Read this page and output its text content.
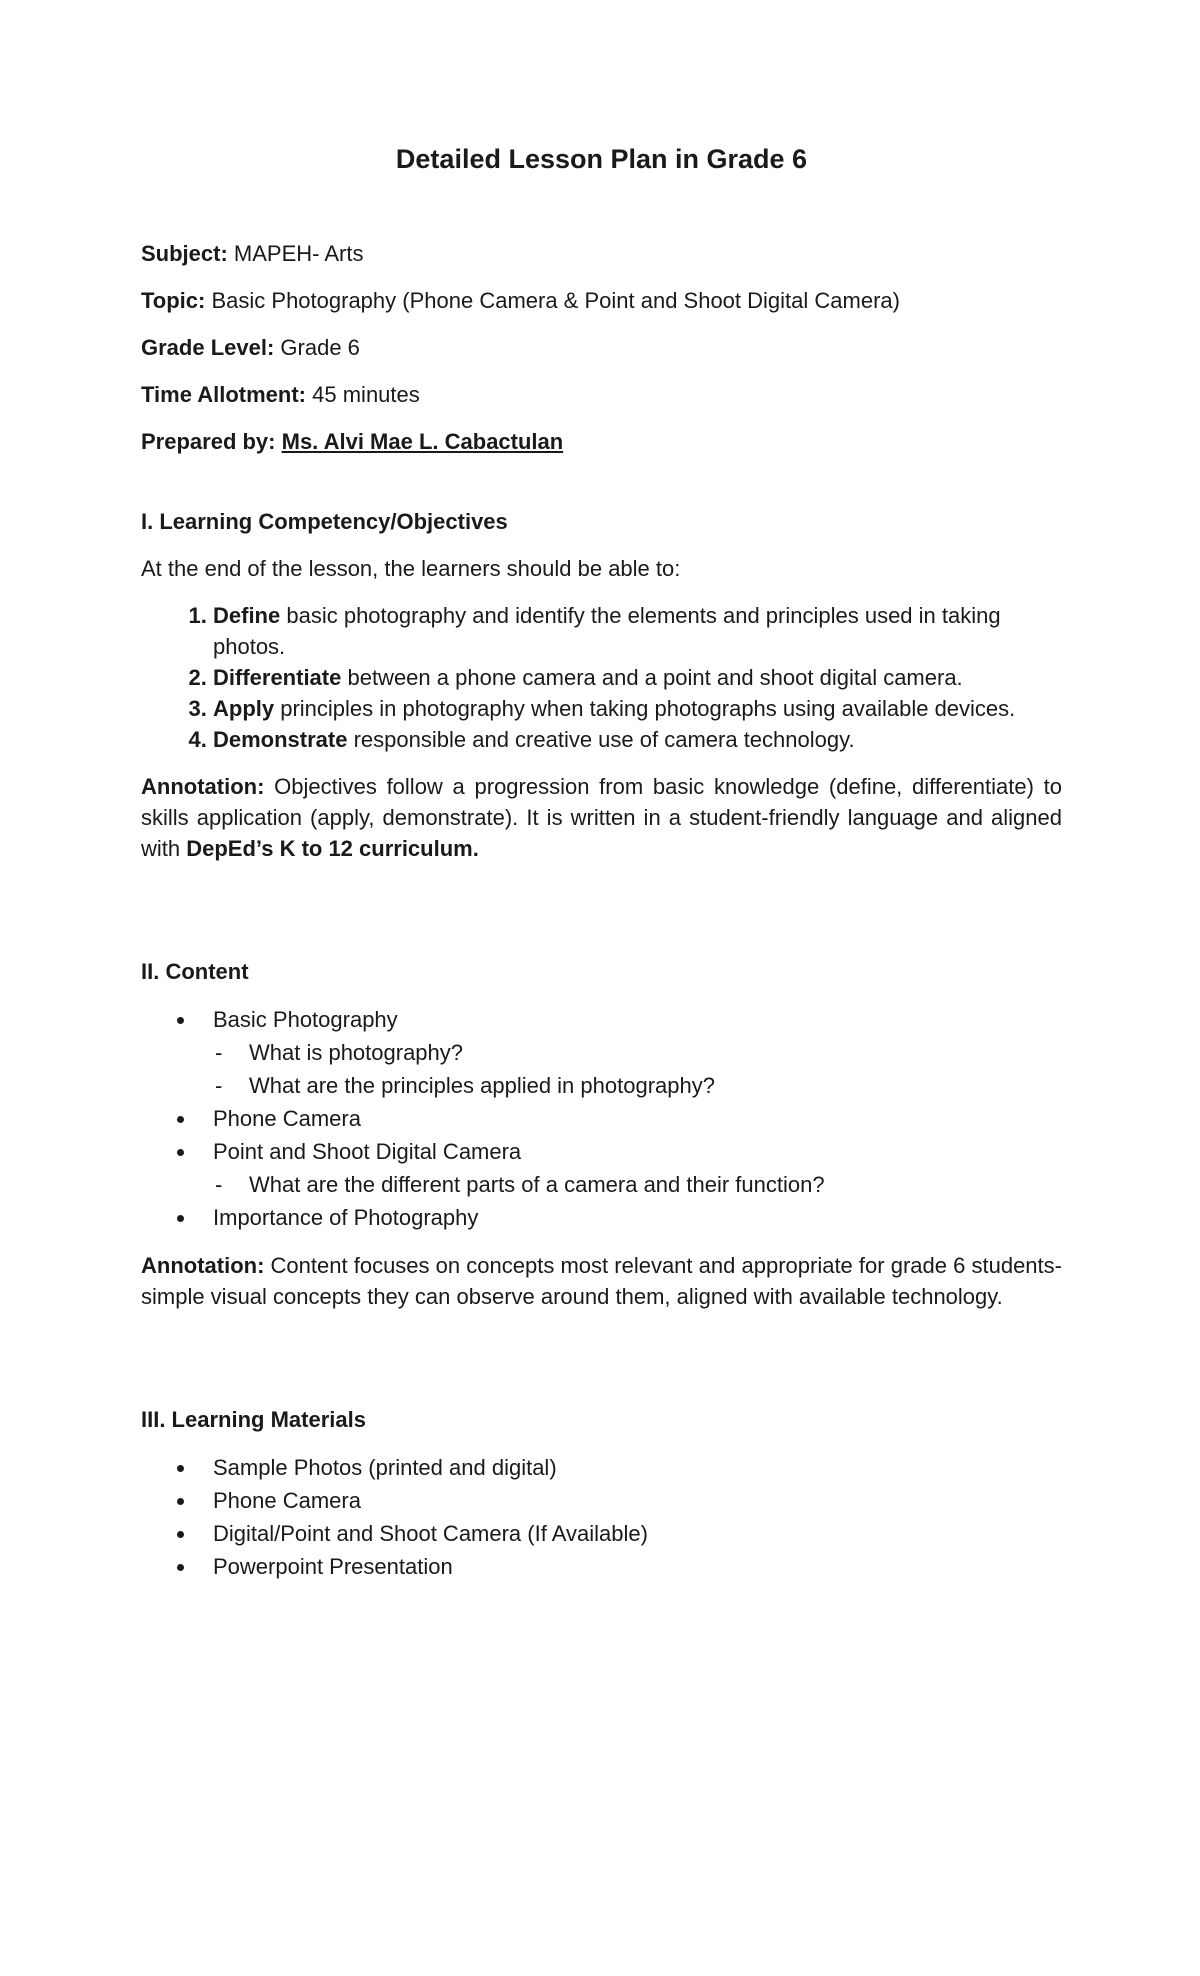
Detailed Lesson Plan in Grade 6

Subject: MAPEH- Arts

Topic: Basic Photography (Phone Camera & Point and Shoot Digital Camera)

Grade Level: Grade 6

Time Allotment: 45 minutes

Prepared by: Ms. Alvi Mae L. Cabactulan

I. Learning Competency/Objectives

At the end of the lesson, the learners should be able to:

1. Define basic photography and identify the elements and principles used in taking photos.
2. Differentiate between a phone camera and a point and shoot digital camera.
3. Apply principles in photography when taking photographs using available devices.
4. Demonstrate responsible and creative use of camera technology.

Annotation: Objectives follow a progression from basic knowledge (define, differentiate) to skills application (apply, demonstrate). It is written in a student-friendly language and aligned with DepEd’s K to 12 curriculum.

II. Content
Basic Photography
- What is photography?
- What are the principles applied in photography?
Phone Camera
Point and Shoot Digital Camera
- What are the different parts of a camera and their function?
Importance of Photography

Annotation: Content focuses on concepts most relevant and appropriate for grade 6 students-simple visual concepts they can observe around them, aligned with available technology.

III. Learning Materials
Sample Photos (printed and digital)
Phone Camera
Digital/Point and Shoot Camera (If Available)
Powerpoint Presentation
